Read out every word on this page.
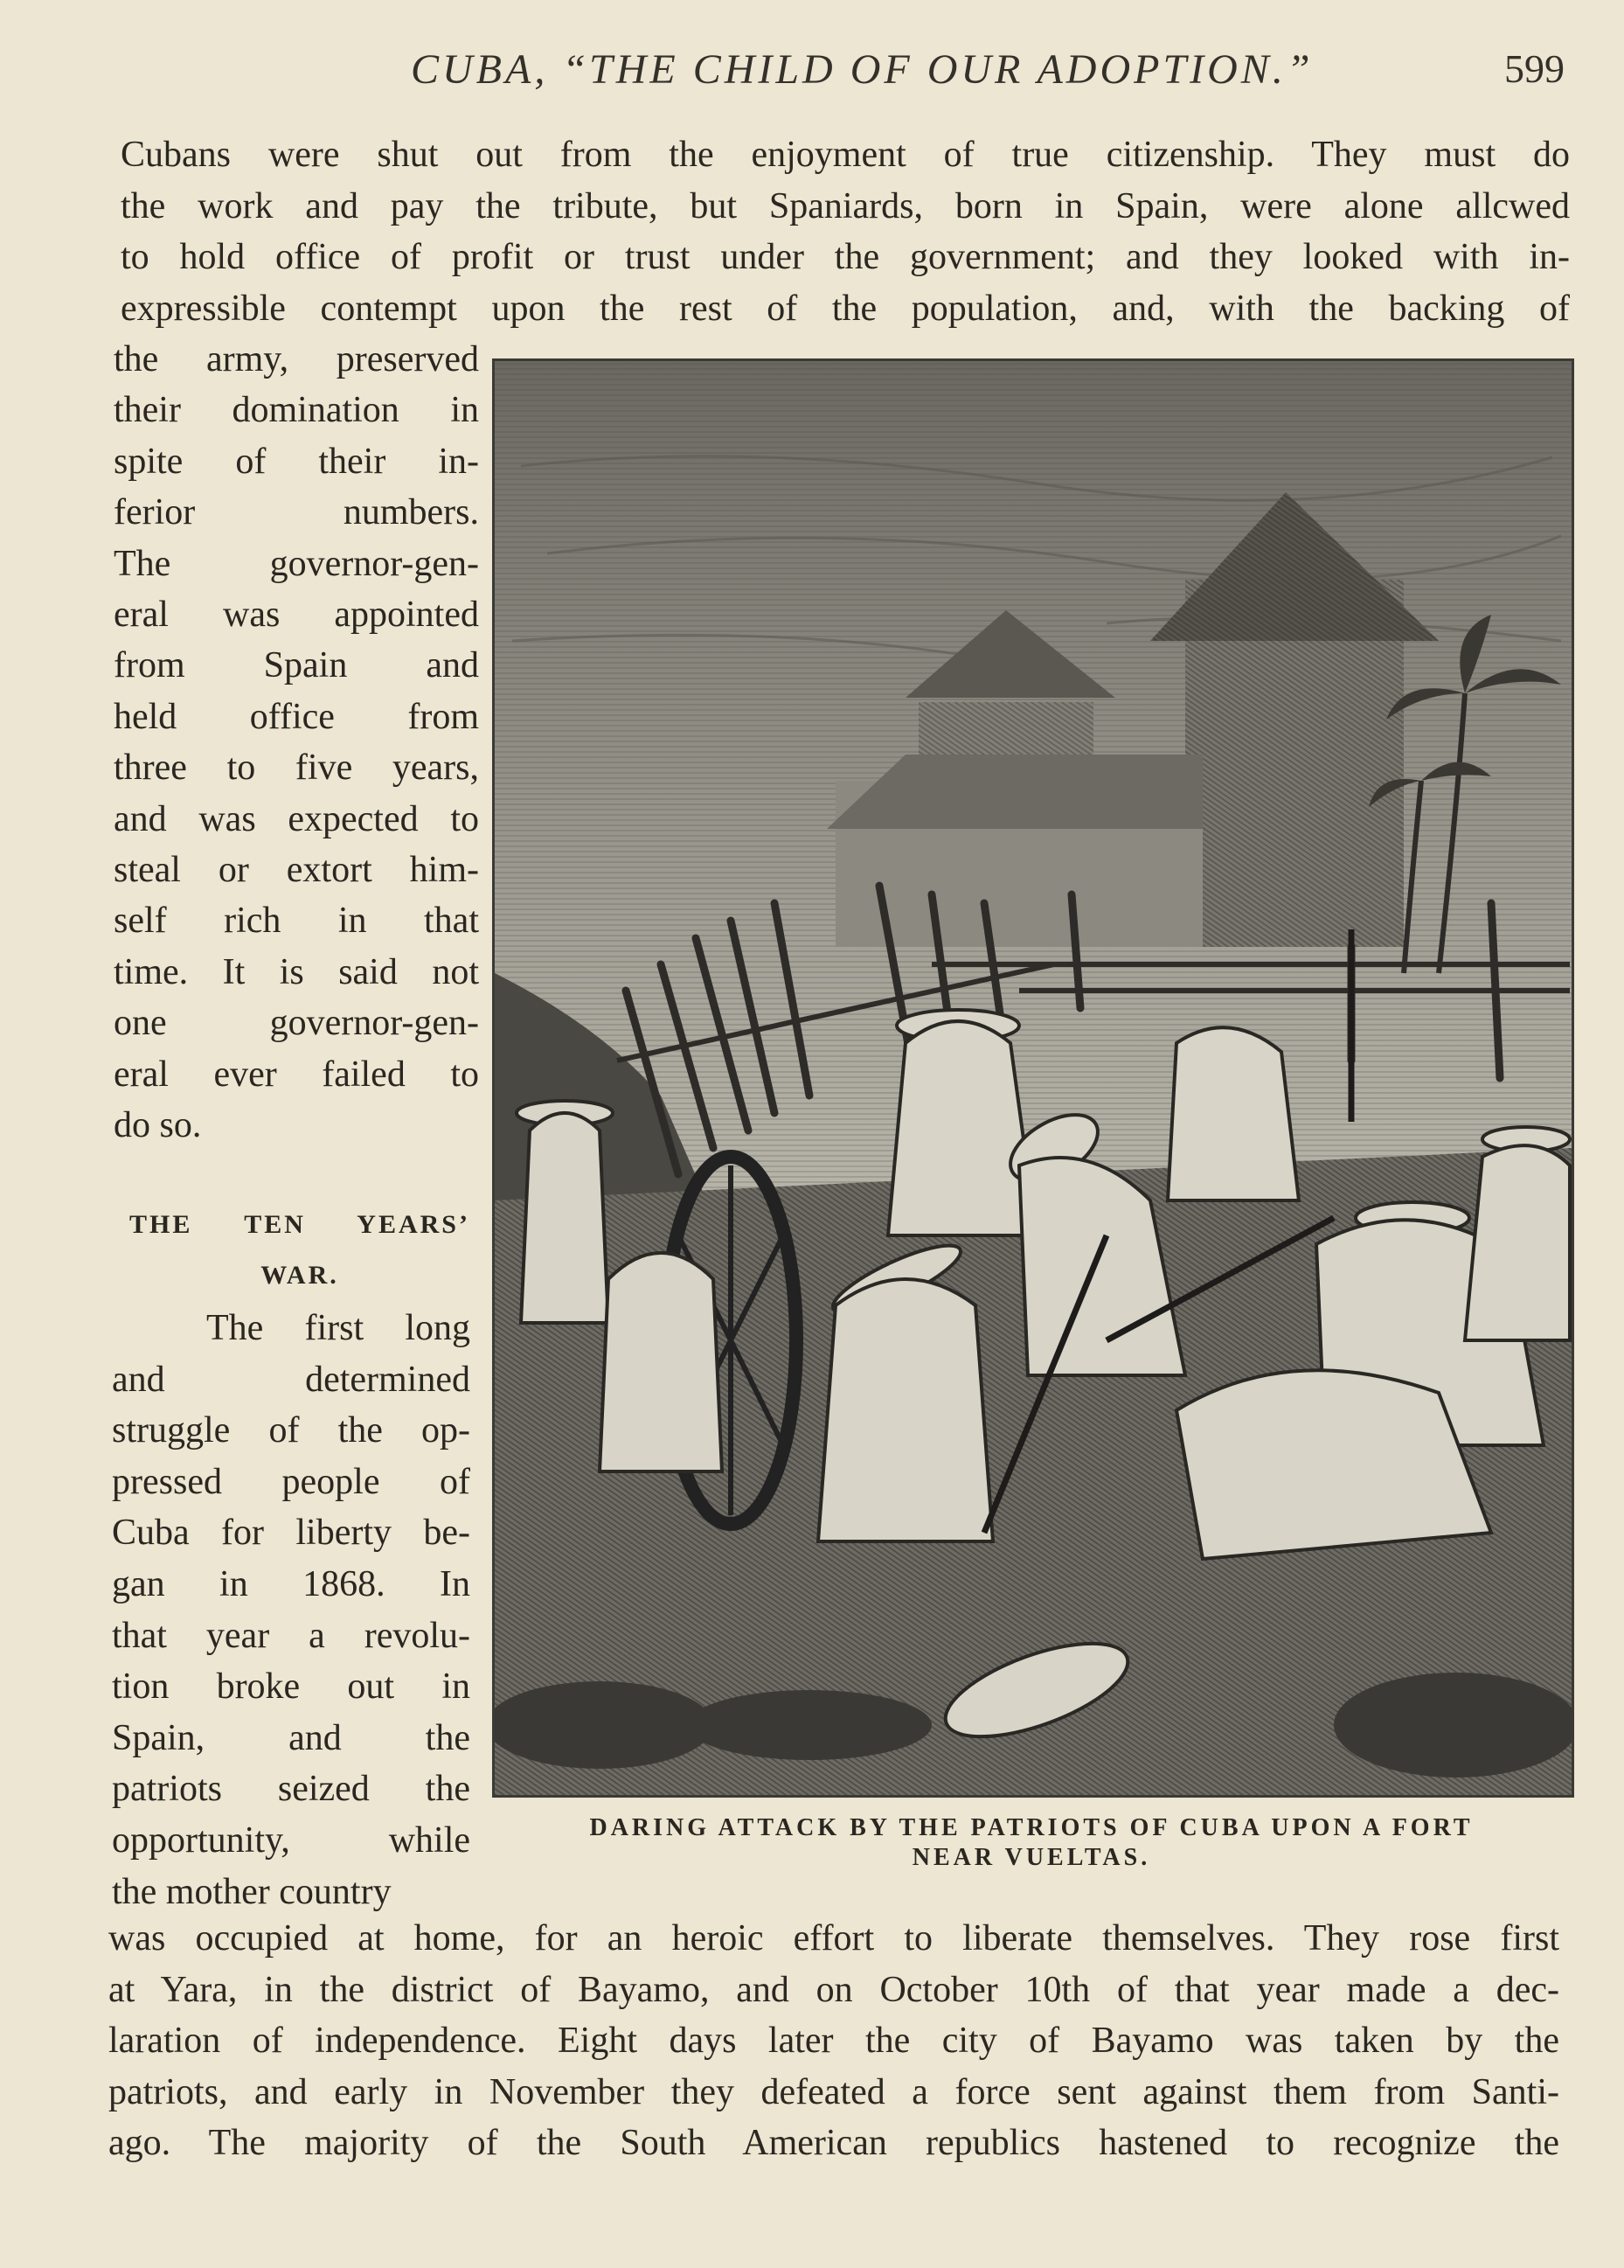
CUBA, “THE CHILD OF OUR ADOPTION.”	599
Cubans were shut out from the enjoyment of true citizenship. They must do
the work and pay the tribute, but Spaniards, born in Spain, were alone allcwed
to hold office of profit or trust under the government; and they looked with in-
expressible contempt upon the rest of the population, and, with the backing of
the army, preserved
their domination in
spite of their in-
ferior numbers.
The governor-gen-
eral was appointed
from Spain and
held office from
three to five years,
and was expected to
steal or extort him-
self rich in that
time. It is said not
one governor-gen-
eral ever failed to
do so.
THE TEN YEARS’
WAR.
The first long
and determined
struggle of the op-
pressed people of
Cuba for liberty be-
gan in 1868. In
that year a revolu-
tion broke out in
Spain, and the
patriots seized the
opportunity, while
the mother country
DARING ATTACK BY THE PATRIOTS OF CUBA UPON A FORT
NEAR VUELTAS.
was occupied at home, for an heroic effort to liberate themselves. They rose first
at Yara, in the district of Bayamo, and on October 10th of that year made a dec-
laration of independence. Eight days later the city of Bayamo was taken by the
patriots, and early in November they defeated a force sent against them from Santi-
ago. The majority of the South American republics hastened to recognize the
